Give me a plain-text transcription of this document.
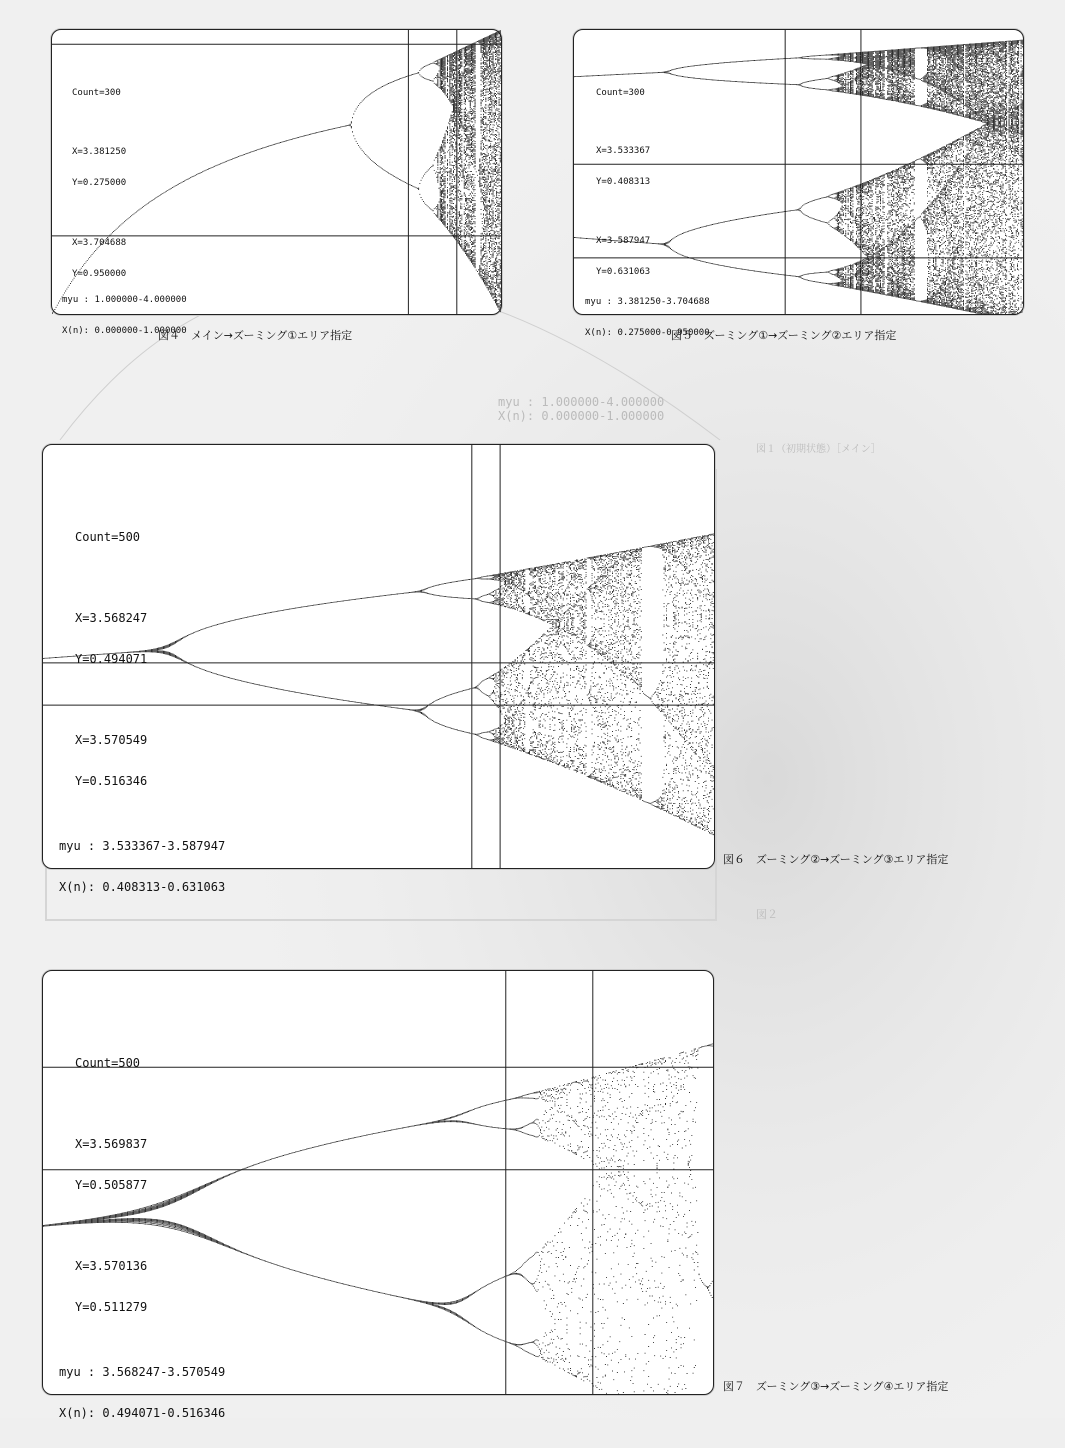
myu : 1.000000-4.000000
X(n): 0.000000-1.000000
図１（初期状態）［メイン］
図２

Count=300

X=3.381250

Y=0.275000

X=3.704688

Y=0.950000

myu : 1.000000-4.000000

X(n): 0.000000-1.000000

図４　メイン→ズーミング①エリア指定

Count=300

X=3.533367

Y=0.408313

X=3.587947

Y=0.631063

myu : 3.381250-3.704688

X(n): 0.275000-0.950000

図５　ズーミング①→ズーミング②エリア指定

Count=500

X=3.568247

Y=0.494071

X=3.570549

Y=0.516346

myu : 3.533367-3.587947

X(n): 0.408313-0.631063

図６　ズーミング②→ズーミング③エリア指定

Count=500

X=3.569837

Y=0.505877

X=3.570136

Y=0.511279

myu : 3.568247-3.570549

X(n): 0.494071-0.516346

図７　ズーミング③→ズーミング④エリア指定
